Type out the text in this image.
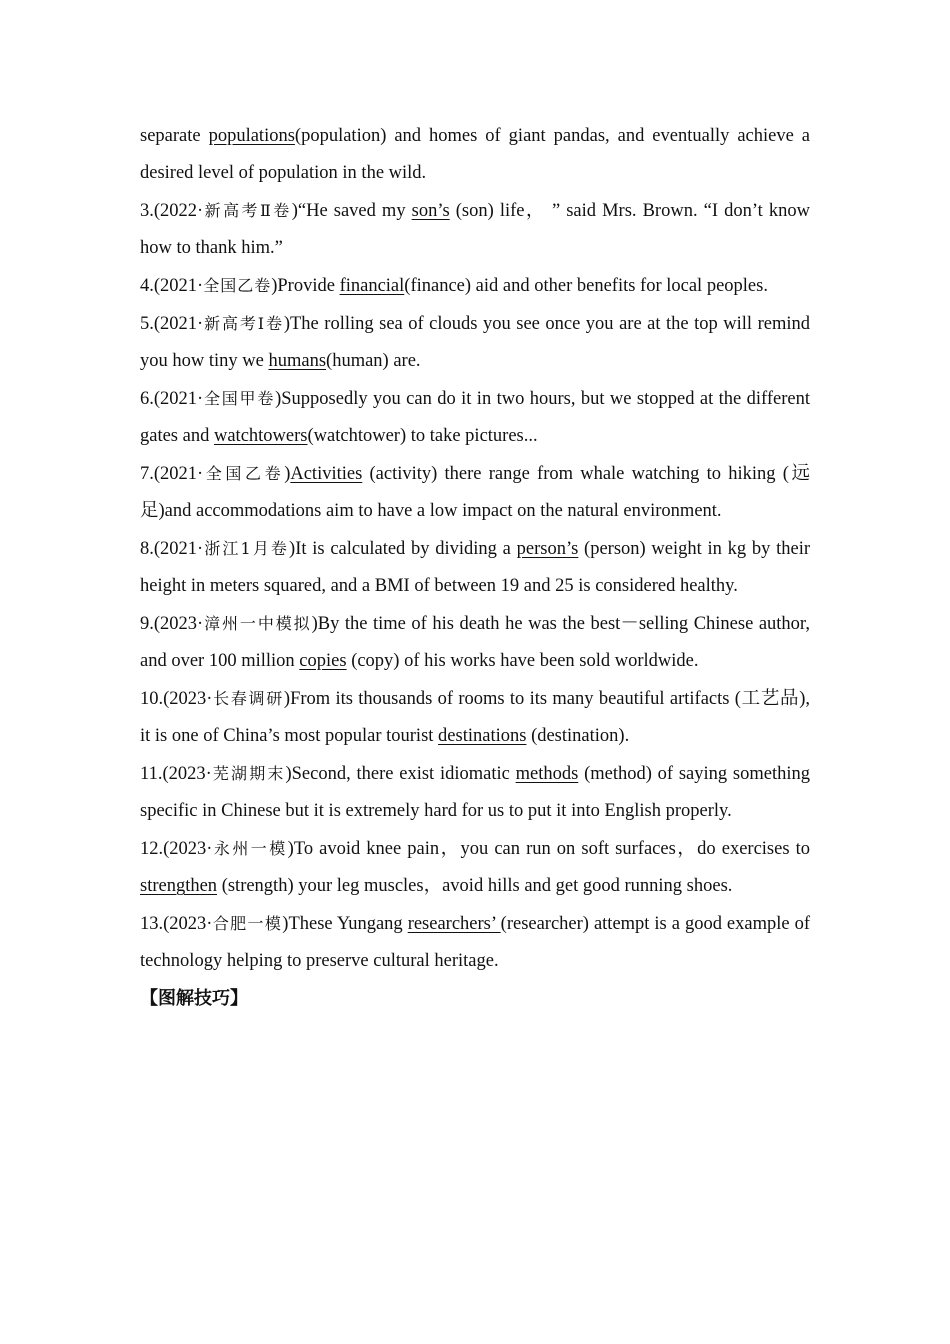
separate populations(population) and homes of giant pandas, and eventually achieve a desired level of population in the wild.

3.(2022·新高考Ⅱ卷)“He saved my son’s (son) life， ” said Mrs. Brown. “I don’t know how to thank him.”

4.(2021·全国乙卷)Provide financial(finance) aid and other benefits for local peoples.

5.(2021·新高考Ⅰ卷)The rolling sea of clouds you see once you are at the top will remind you how tiny we humans(human) are.

6.(2021·全国甲卷)Supposedly you can do it in two hours, but we stopped at the different gates and watchtowers(watchtower) to take pictures...

7.(2021·全国乙卷)Activities (activity) there range from whale watching to hiking (远足)and accommodations aim to have a low impact on the natural environment.

8.(2021·浙江1月卷)It is calculated by dividing a person’s (person) weight in kg by their height in meters squared, and a BMI of between 19 and 25 is considered healthy.

9.(2023·漳州一中模拟)By the time of his death he was the best－selling Chinese author, and over 100 million copies (copy) of his works have been sold worldwide.

10.(2023·长春调研)From its thousands of rooms to its many beautiful artifacts (工艺品), it is one of China’s most popular tourist destinations (destination).

11.(2023·芜湖期末)Second, there exist idiomatic methods (method) of saying something specific in Chinese but it is extremely hard for us to put it into English properly.

12.(2023·永州一模)To avoid knee pain，you can run on soft surfaces，do exercises to strengthen (strength) your leg muscles，avoid hills and get good running shoes.

13.(2023·合肥一模)These Yungang researchers’ (researcher) attempt is a good example of technology helping to preserve cultural heritage.

【图解技巧】
